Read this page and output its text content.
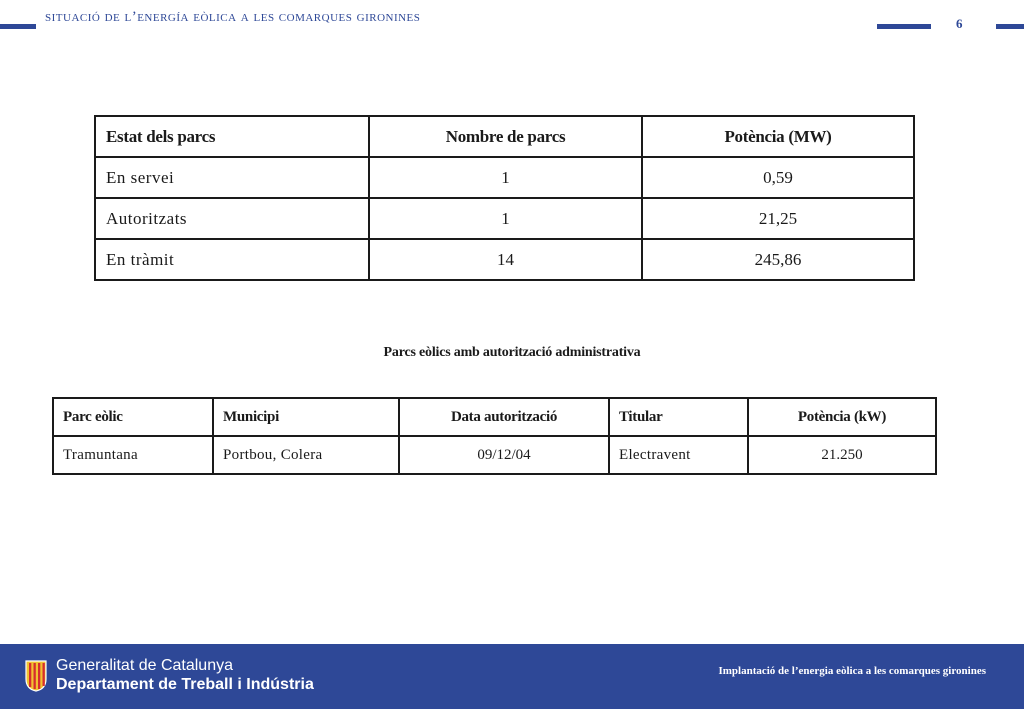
situació de l’energía eòlica a les comarques gironines	6
Estat dels parcs	Nombre de parcs	Potència (MW)
En servei	1	0,59
Autoritzats	1	21,25
En tràmit	14	245,86
Parcs eòlics amb autorització administrativa
Parc eòlic	Municipi	Data autorització	Titular	Potència (kW)
Tramuntana	Portbou, Colera	09/12/04	Electravent	21.250
Generalitat de Catalunya
Departament de Treball i Indústria
Implantació de l’energia eòlica a les comarques gironines
